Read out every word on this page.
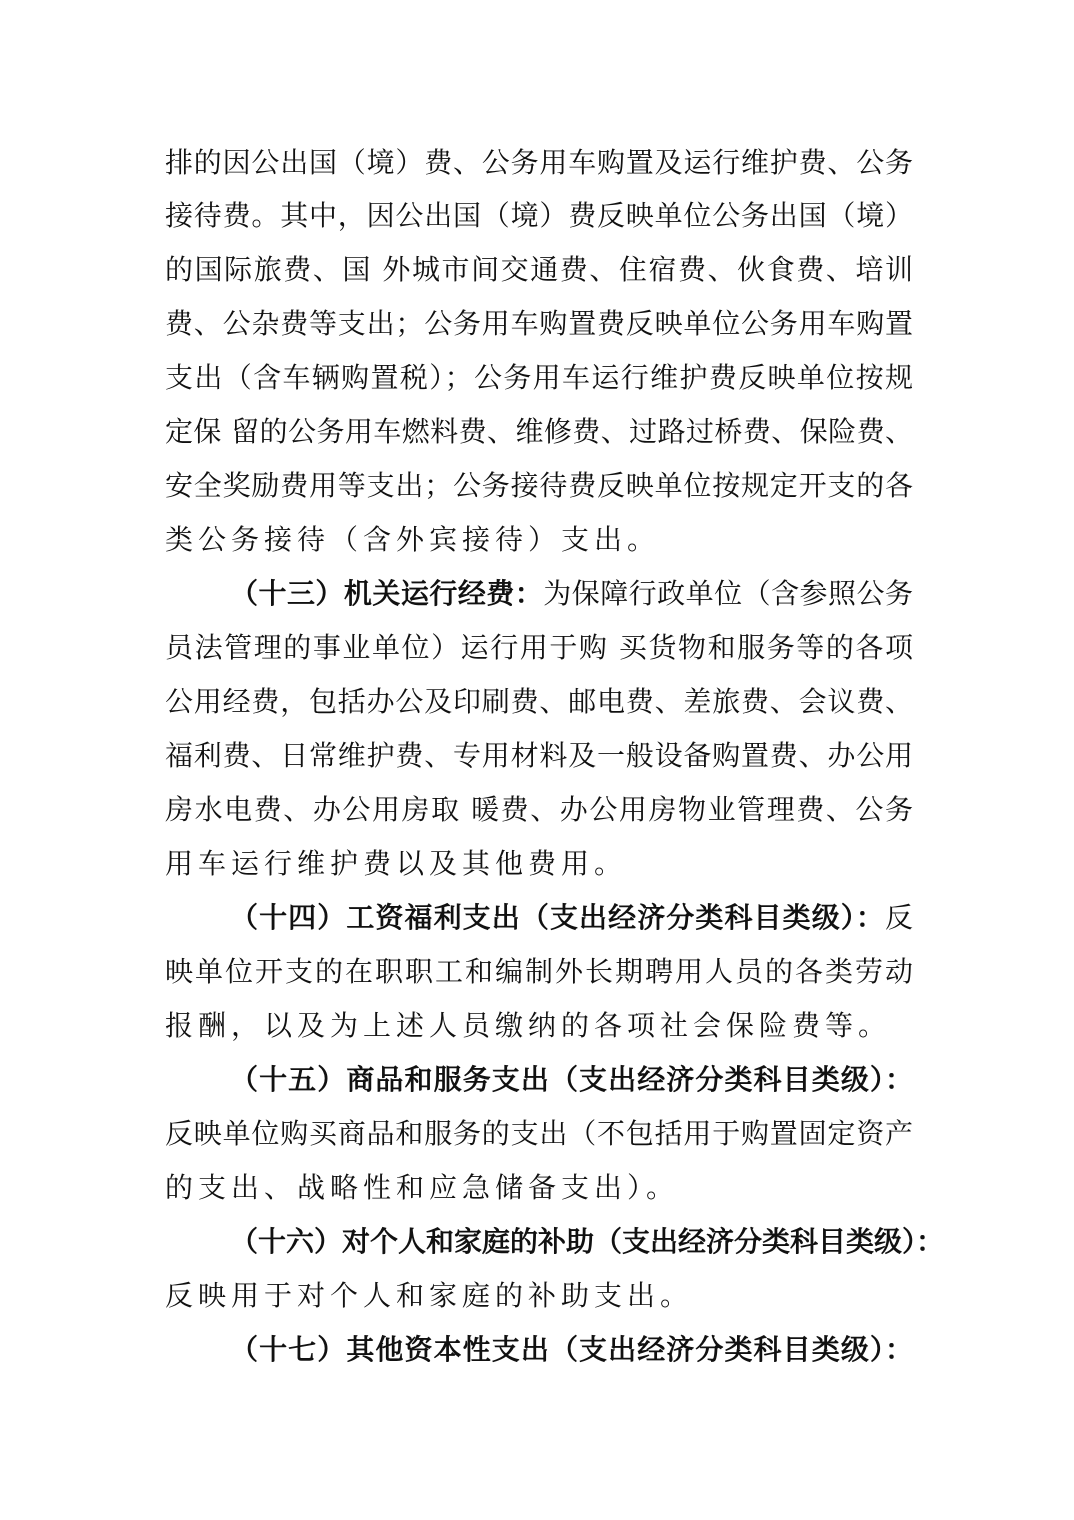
排的因公出国（境）费、公务用车购置及运行维护费、公务
接待费。其中，因公出国（境）费反映单位公务出国（境）
的国际旅费、国 外城市间交通费、住宿费、伙食费、培训
费、公杂费等支出；公务用车购置费反映单位公务用车购置
支出（含车辆购置税）；公务用车运行维护费反映单位按规
定保 留的公务用车燃料费、维修费、过路过桥费、保险费、
安全奖励费用等支出；公务接待费反映单位按规定开支的各
类公务接待（含外宾接待）支出。
（十三）机关运行经费：为保障行政单位（含参照公务
员法管理的事业单位）运行用于购 买货物和服务等的各项
公用经费，包括办公及印刷费、邮电费、差旅费、会议费、
福利费、日常维护费、专用材料及一般设备购置费、办公用
房水电费、办公用房取 暖费、办公用房物业管理费、公务
用车运行维护费以及其他费用。
（十四）工资福利支出（支出经济分类科目类级）：反
映单位开支的在职职工和编制外长期聘用人员的各类劳动
报酬，以及为上述人员缴纳的各项社会保险费等。
（十五）商品和服务支出（支出经济分类科目类级）：
反映单位购买商品和服务的支出（不包括用于购置固定资产
的支出、战略性和应急储备支出）。
（十六）对个人和家庭的补助（支出经济分类科目类级）：
反映用于对个人和家庭的补助支出。
（十七）其他资本性支出（支出经济分类科目类级）：
